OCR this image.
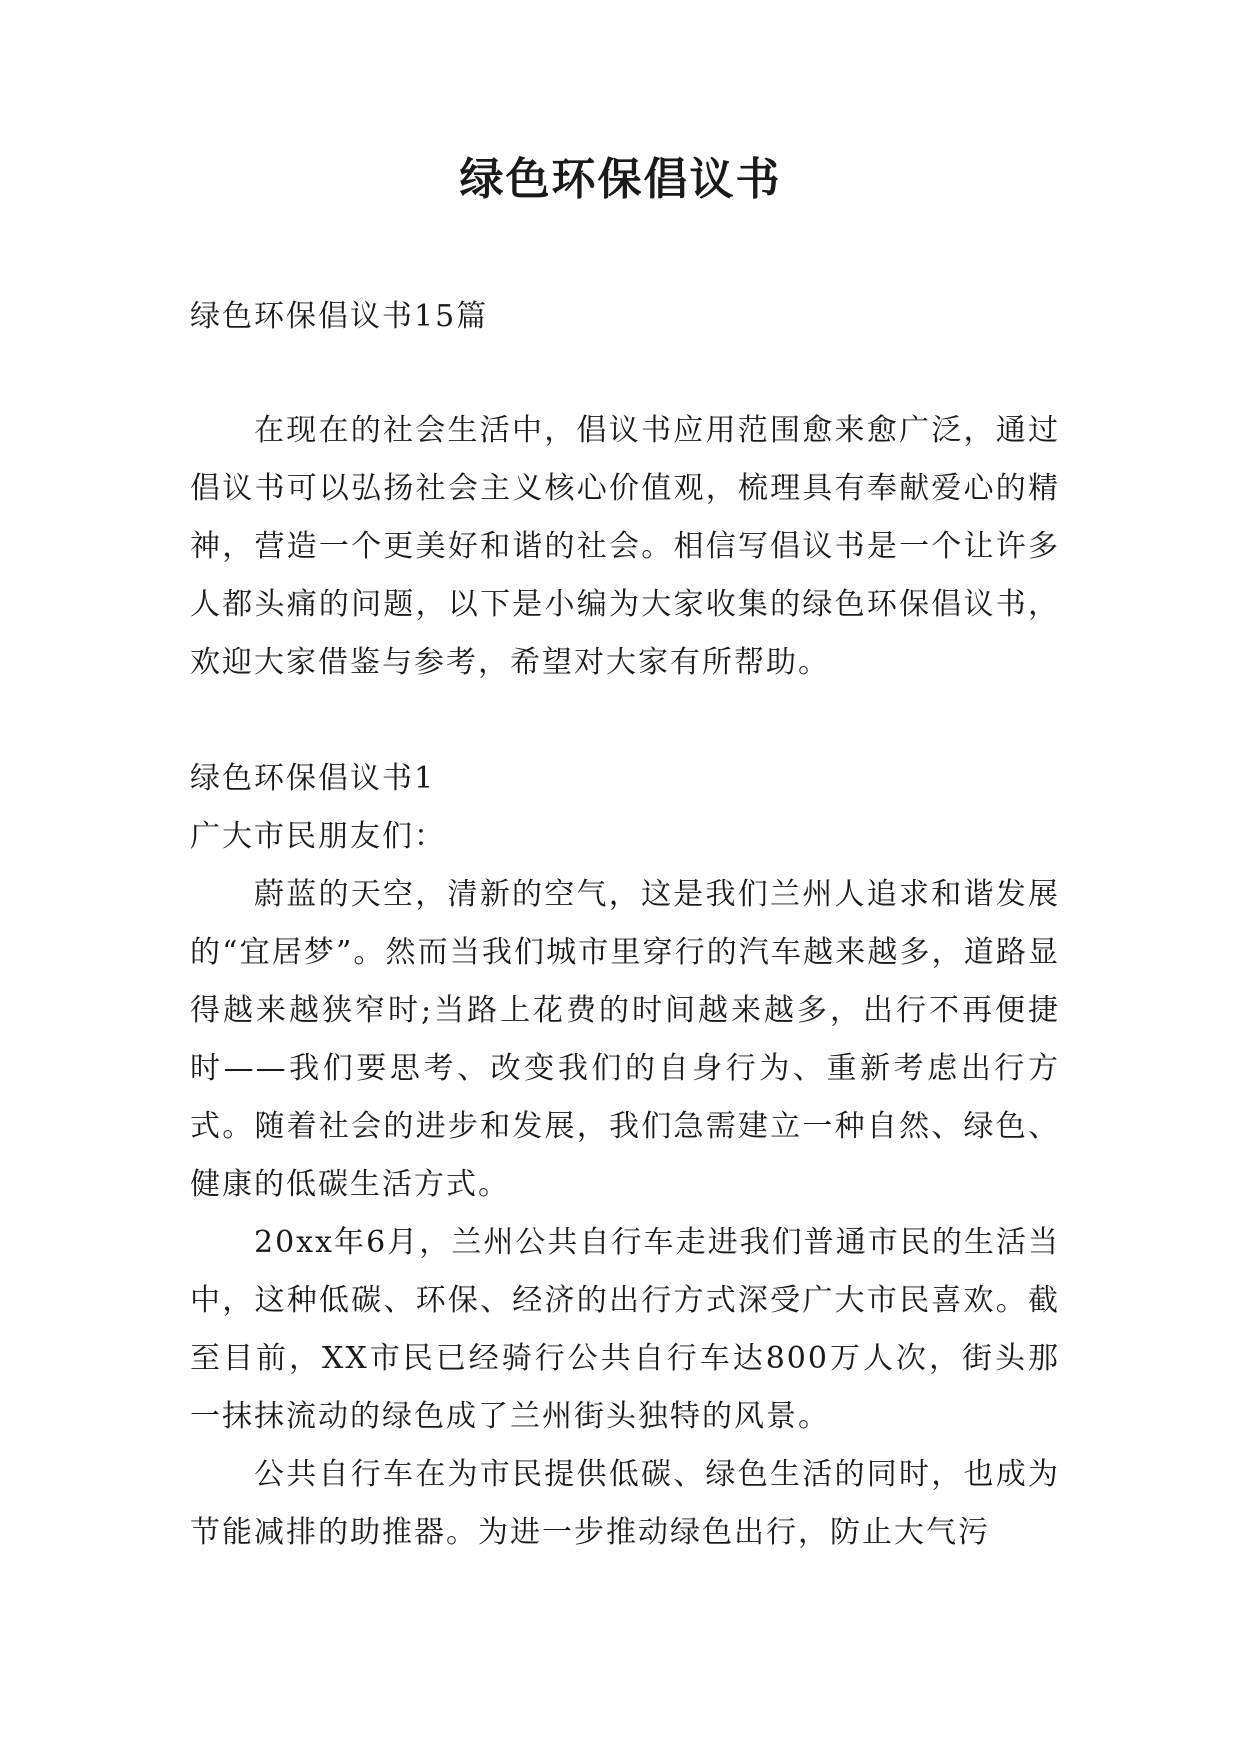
绿色环保倡议书

绿色环保倡议书15篇

在现在的社会生活中，倡议书应用范围愈来愈广泛，通过倡议书可以弘扬社会主义核心价值观，梳理具有奉献爱心的精神，营造一个更美好和谐的社会。相信写倡议书是一个让许多人都头痛的问题，以下是小编为大家收集的绿色环保倡议书，欢迎大家借鉴与参考，希望对大家有所帮助。

绿色环保倡议书1

广大市民朋友们：

蔚蓝的天空，清新的空气，这是我们兰州人追求和谐发展的“宜居梦”。然而当我们城市里穿行的汽车越来越多，道路显得越来越狭窄时;当路上花费的时间越来越多，出行不再便捷时——我们要思考、改变我们的自身行为、重新考虑出行方式。随着社会的进步和发展，我们急需建立一种自然、绿色、健康的低碳生活方式。

20xx年6月，兰州公共自行车走进我们普通市民的生活当中，这种低碳、环保、经济的出行方式深受广大市民喜欢。截至目前，XX市民已经骑行公共自行车达800万人次，街头那一抹抹流动的绿色成了兰州街头独特的风景。

公共自行车在为市民提供低碳、绿色生活的同时，也成为节能减排的助推器。为进一步推动绿色出行，防止大气污
